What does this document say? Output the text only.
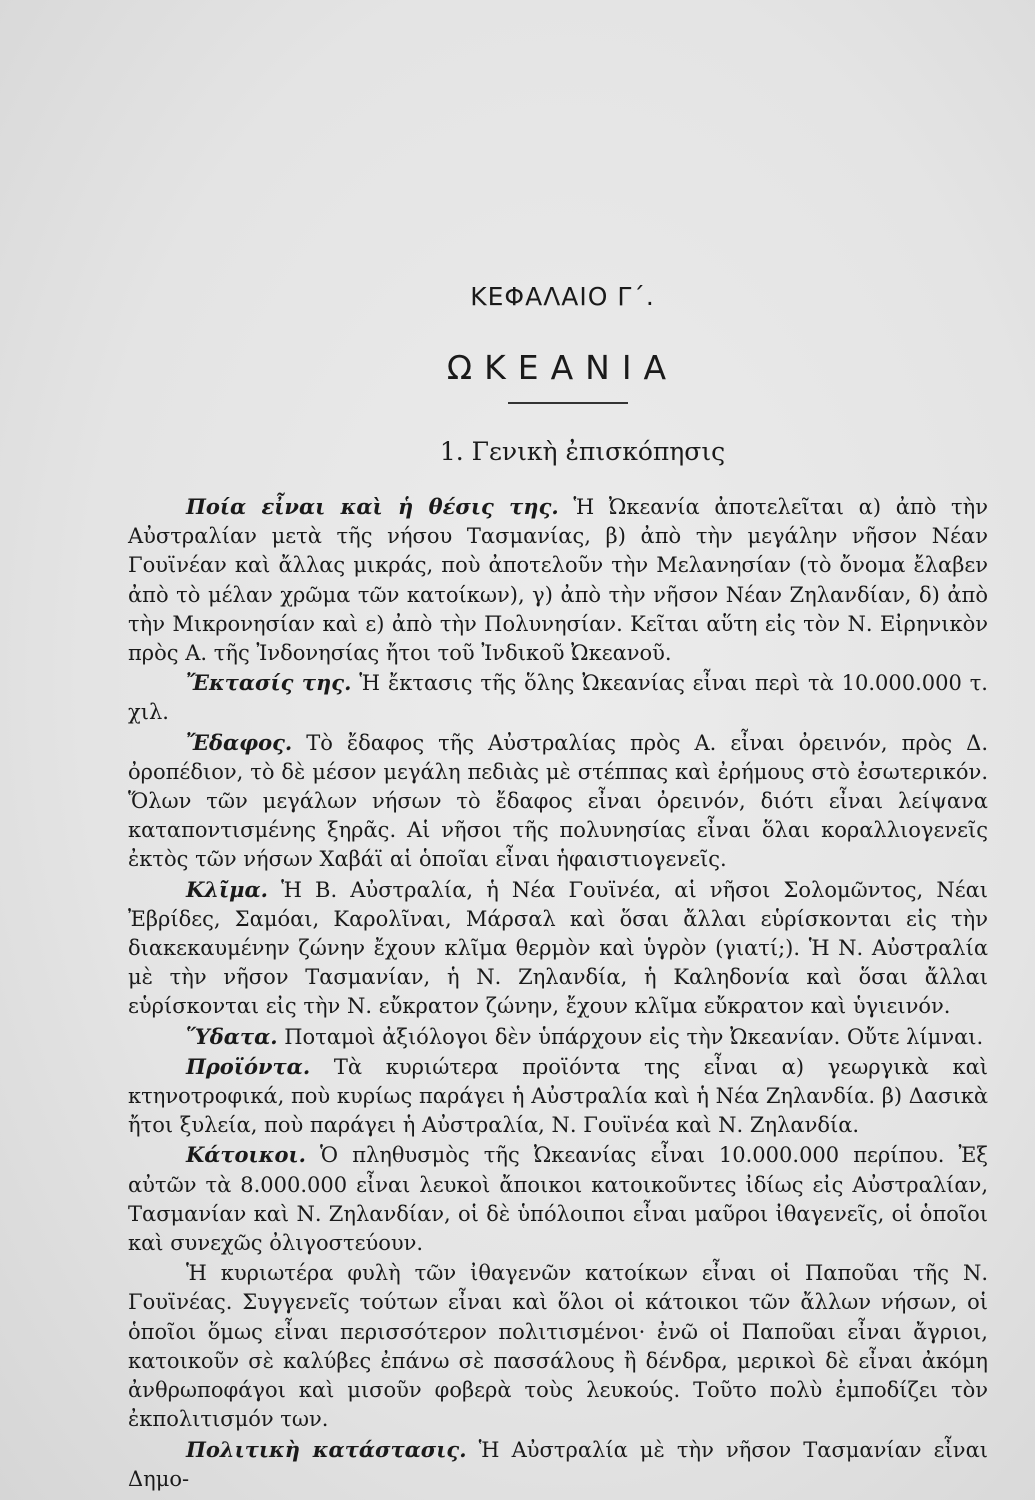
ΚΕΦΑΛΑΙΟ Γ΄.
ΩΚΕΑΝΙΑ
1. Γενικὴ ἐπισκόπησις

Ποία εἶναι καὶ ἡ θέσις της. Ἡ Ὠκεανία ἀποτελεῖται α) ἀπὸ τὴν Αὐστραλίαν μετὰ τῆς νήσου Τασμανίας, β) ἀπὸ τὴν μεγάλην νῆσον Νέαν Γουϊνέαν καὶ ἄλλας μικράς, ποὺ ἀποτελοῦν τὴν Μελανησίαν (τὸ ὄνομα ἔλαβεν ἀπὸ τὸ μέλαν χρῶμα τῶν κατοίκων), γ) ἀπὸ τὴν νῆσον Νέαν Ζηλανδίαν, δ) ἀπὸ τὴν Μικρονησίαν καὶ ε) ἀπὸ τὴν Πολυνησίαν. Κεῖται αὕτη εἰς τὸν Ν. Εἰρηνικὸν πρὸς Α. τῆς Ἰνδονησίας ἤτοι τοῦ Ἰνδικοῦ Ὠκεανοῦ.

Ἔκτασίς της. Ἡ ἔκτασις τῆς ὅλης Ὠκεανίας εἶναι περὶ τὰ 10.000.000 τ. χιλ.

Ἔδαφος. Τὸ ἔδαφος τῆς Αὐστραλίας πρὸς Α. εἶναι ὀρεινόν, πρὸς Δ. ὀροπέδιον, τὸ δὲ μέσον μεγάλη πεδιὰς μὲ στέππας καὶ ἐρήμους στὸ ἐσωτερικόν. Ὅλων τῶν μεγάλων νήσων τὸ ἔδαφος εἶναι ὀρεινόν, διότι εἶναι λείψανα καταποντισμένης ξηρᾶς. Αἱ νῆσοι τῆς πολυνησίας εἶναι ὅλαι κοραλλιογενεῖς ἐκτὸς τῶν νήσων Χαβάϊ αἱ ὁποῖαι εἶναι ἡφαιστιογενεῖς.

Κλῖμα. Ἡ Β. Αὐστραλία, ἡ Νέα Γουϊνέα, αἱ νῆσοι Σολομῶντος, Νέαι Ἐβρίδες, Σαμόαι, Καρολῖναι, Μάρσαλ καὶ ὅσαι ἄλλαι εὑρίσκονται εἰς τὴν διακεκαυμένην ζώνην ἔχουν κλῖμα θερμὸν καὶ ὑγρὸν (γιατί;). Ἡ Ν. Αὐστραλία μὲ τὴν νῆσον Τασμανίαν, ἡ Ν. Ζηλανδία, ἡ Καληδονία καὶ ὅσαι ἄλλαι εὑρίσκονται εἰς τὴν Ν. εὔκρατον ζώνην, ἔχουν κλῖμα εὔκρατον καὶ ὑγιεινόν.

Ὕδατα. Ποταμοὶ ἀξιόλογοι δὲν ὑπάρχουν εἰς τὴν Ὠκεανίαν. Οὔτε λίμναι.

Προϊόντα. Τὰ κυριώτερα προϊόντα της εἶναι α) γεωργικὰ καὶ κτηνοτροφικά, ποὺ κυρίως παράγει ἡ Αὐστραλία καὶ ἡ Νέα Ζηλανδία. β) Δασικὰ ἤτοι ξυλεία, ποὺ παράγει ἡ Αὐστραλία, Ν. Γουϊνέα καὶ Ν. Ζηλανδία.

Κάτοικοι. Ὁ πληθυσμὸς τῆς Ὠκεανίας εἶναι 10.000.000 περίπου. Ἐξ αὐτῶν τὰ 8.000.000 εἶναι λευκοὶ ἄποικοι κατοικοῦντες ἰδίως εἰς Αὐστραλίαν, Τασμανίαν καὶ Ν. Ζηλανδίαν, οἱ δὲ ὑπόλοιποι εἶναι μαῦροι ἰθαγενεῖς, οἱ ὁποῖοι καὶ συνεχῶς ὀλιγοστεύουν.

Ἡ κυριωτέρα φυλὴ τῶν ἰθαγενῶν κατοίκων εἶναι οἱ Παποῦαι τῆς Ν. Γουϊνέας. Συγγενεῖς τούτων εἶναι καὶ ὅλοι οἱ κάτοικοι τῶν ἄλλων νήσων, οἱ ὁποῖοι ὅμως εἶναι περισσότερον πολιτισμένοι· ἐνῶ οἱ Παποῦαι εἶναι ἄγριοι, κατοικοῦν σὲ καλύβες ἐπάνω σὲ πασσάλους ἢ δένδρα, μερικοὶ δὲ εἶναι ἀκόμη ἀνθρωποφάγοι καὶ μισοῦν φοβερὰ τοὺς λευκούς. Τοῦτο πολὺ ἐμποδίζει τὸν ἐκπολιτισμόν των.

Πολιτικὴ κατάστασις. Ἡ Αὐστραλία μὲ τὴν νῆσον Τασμανίαν εἶναι Δημο-
